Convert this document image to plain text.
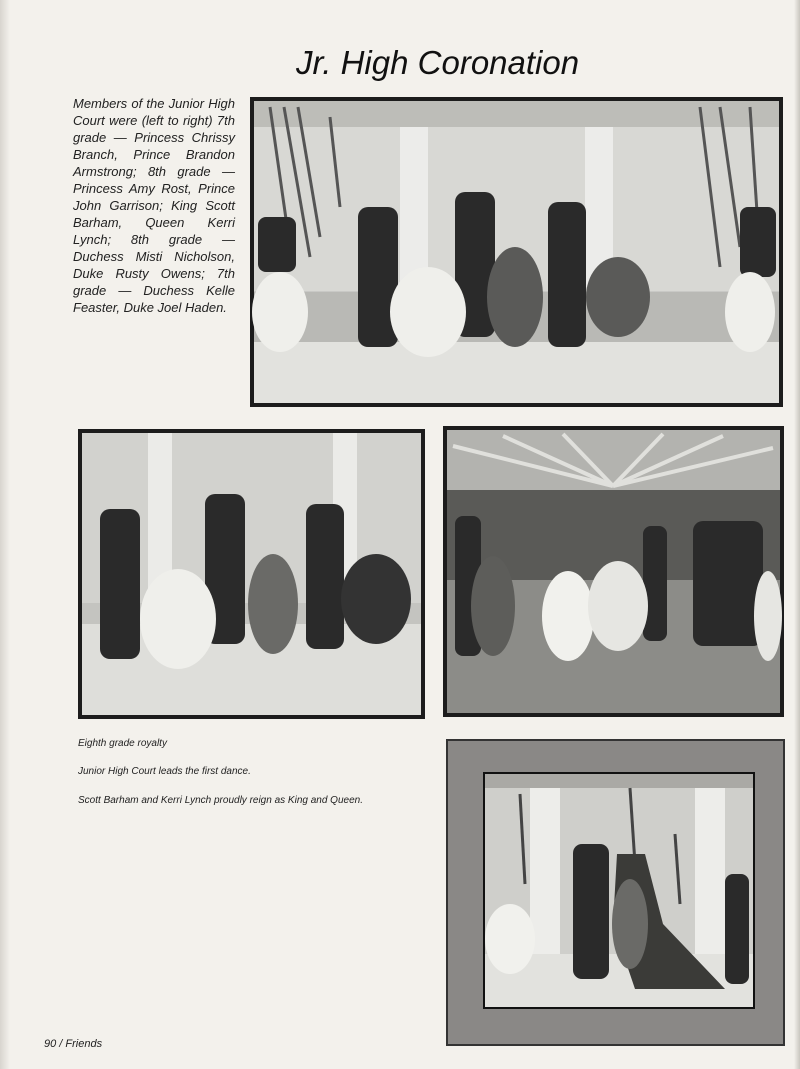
Jr. High Coronation
Members of the Junior High Court were (left to right) 7th grade — Princess Chrissy Branch, Prince Brandon Armstrong; 8th grade — Princess Amy Rost, Prince John Garrison; King Scott Barham, Queen Kerri Lynch; 8th grade — Duchess Misti Nicholson, Duke Rusty Owens; 7th grade — Duchess Kelle Feaster, Duke Joel Haden.
Eighth grade royalty
Junior High Court leads the first dance.
Scott Barham and Kerri Lynch proudly reign as King and Queen.
90 / Friends
